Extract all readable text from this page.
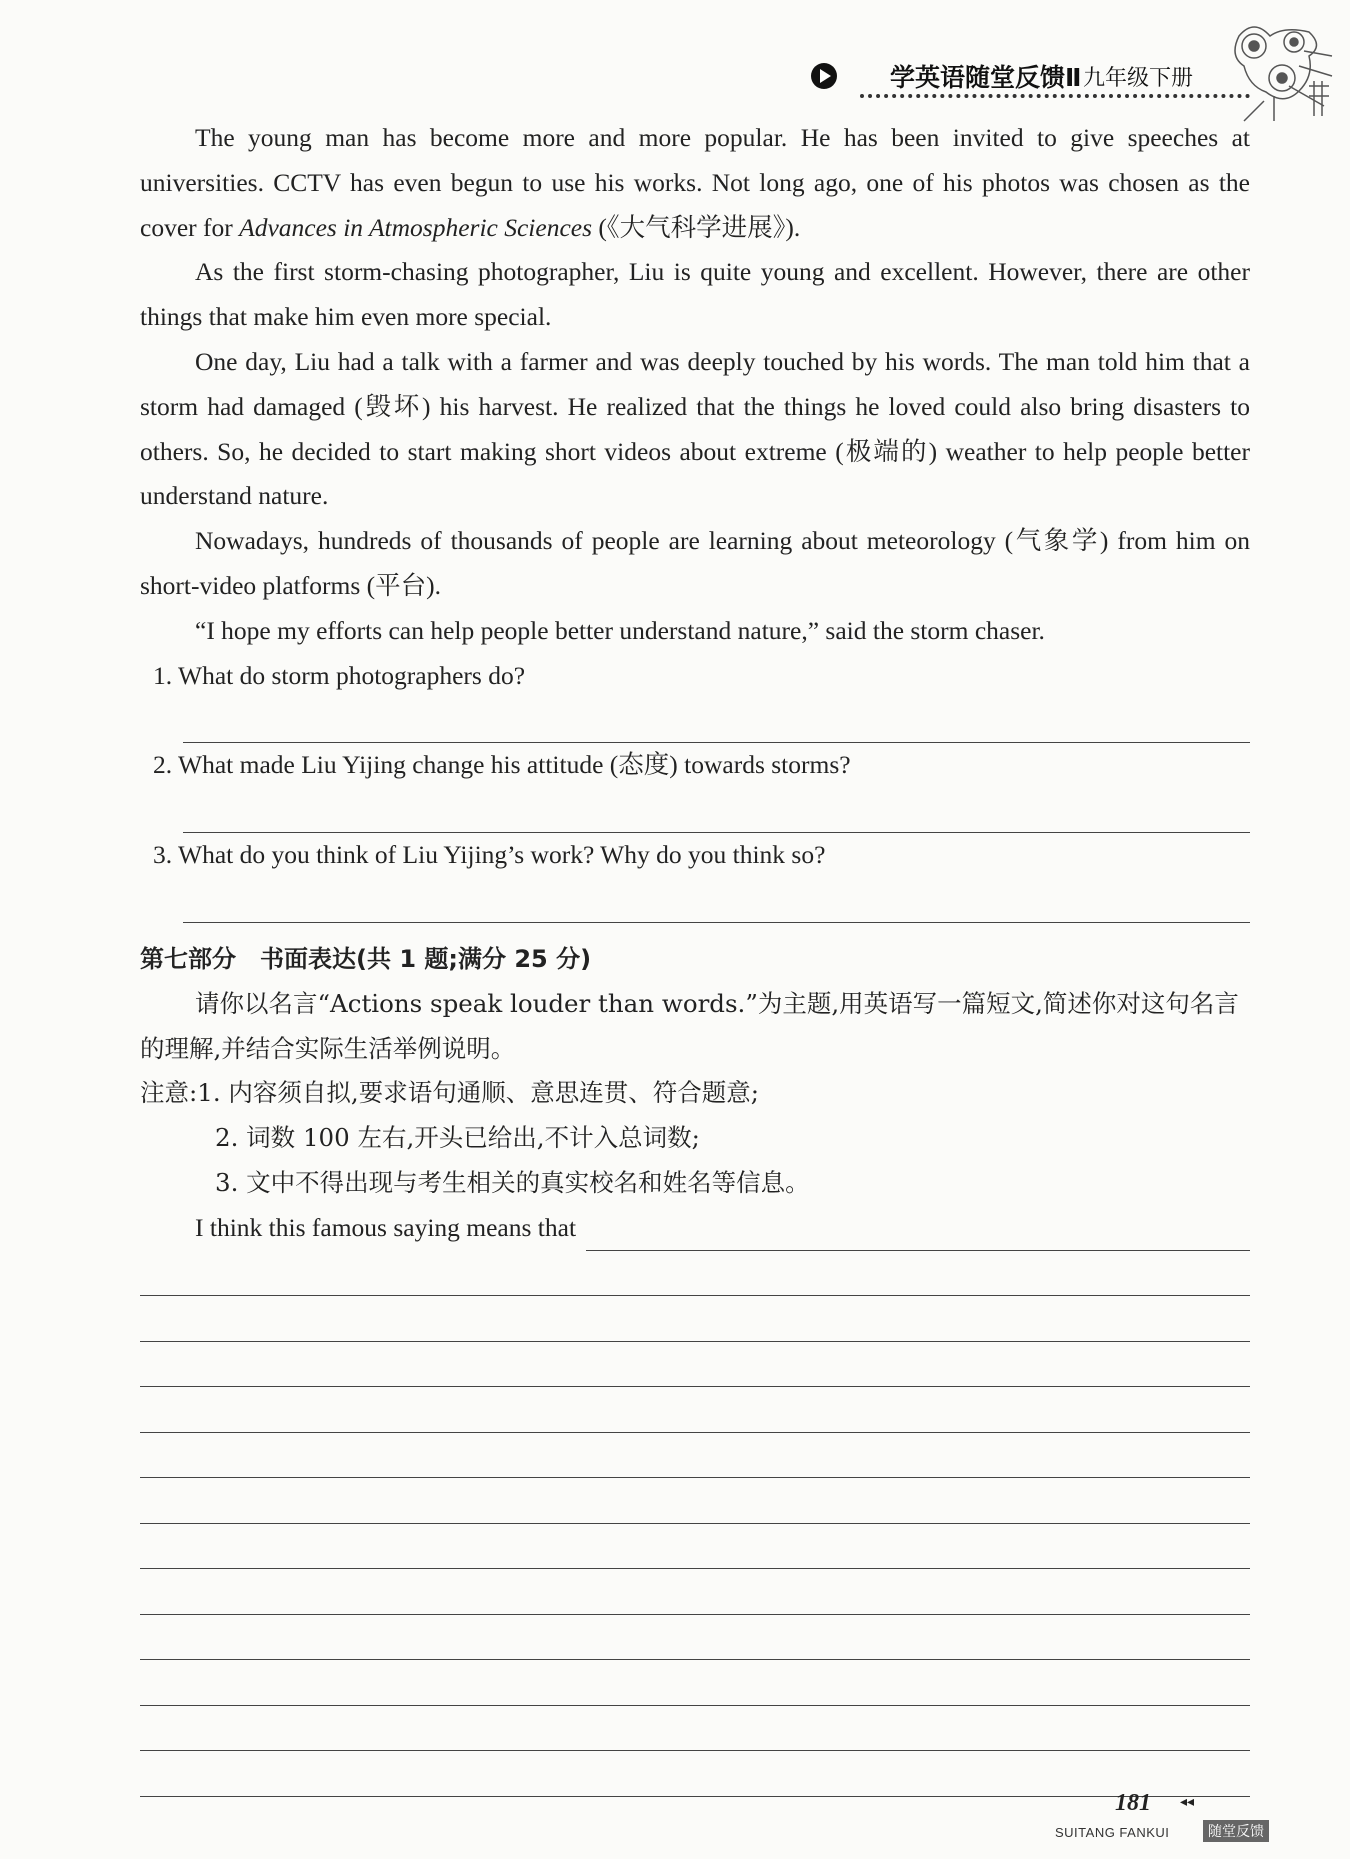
学英语随堂反馈Ⅱ 九年级下册

The young man has become more and more popular. He has been invited to give speeches at universities. CCTV has even begun to use his works. Not long ago, one of his photos was chosen as the cover for Advances in Atmospheric Sciences (《大气科学进展》).

As the first storm-chasing photographer, Liu is quite young and excellent. However, there are other things that make him even more special.

One day, Liu had a talk with a farmer and was deeply touched by his words. The man told him that a storm had damaged (毁坏) his harvest. He realized that the things he loved could also bring disasters to others. So, he decided to start making short videos about extreme (极端的) weather to help people better understand nature.

Nowadays, hundreds of thousands of people are learning about meteorology (气象学) from him on short-video platforms (平台).

“I hope my efforts can help people better understand nature,” said the storm chaser.

1. What do storm photographers do?

2. What made Liu Yijing change his attitude (态度) towards storms?

3. What do you think of Liu Yijing’s work? Why do you think so?

第七部分　书面表达(共 1 题;满分 25 分)

请你以名言“Actions speak louder than words.”为主题,用英语写一篇短文,简述你对这句名言的理解,并结合实际生活举例说明。

注意:1. 内容须自拟,要求语句通顺、意思连贯、符合题意;

2. 词数 100 左右,开头已给出,不计入总词数;

3. 文中不得出现与考生相关的真实校名和姓名等信息。

I think this famous saying means that
181 ◂◂
SUITANG FANKUI	随堂反馈
